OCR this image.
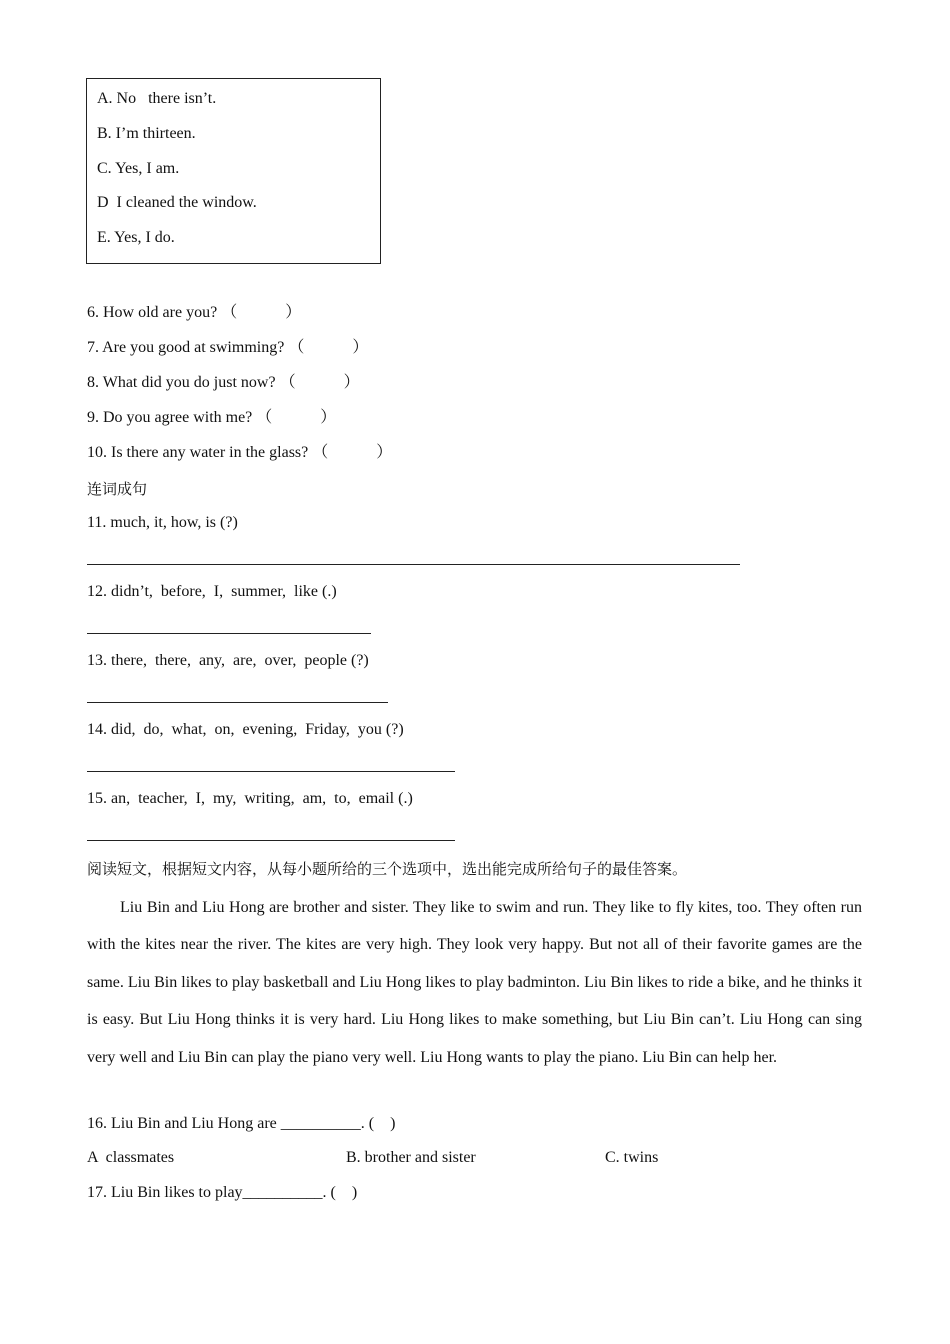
A. No   there isn’t.
B. I’m thirteen.
C. Yes, I am.
D  I cleaned the window.
E. Yes, I do.
6. How old are you? （            ）
7. Are you good at swimming? （            ）
8. What did you do just now? （            ）
9. Do you agree with me? （            ）
10. Is there any water in the glass? （            ）
连词成句
11. much, it, how, is (?)
12. didn’t,  before,  I,  summer,  like (.)
13. there,  there,  any,  are,  over,  people (?)
14. did,  do,  what,  on,  evening,  Friday,  you (?)
15. an,  teacher,  I,  my,  writing,  am,  to,  email (.)
阅读短文，根据短文内容，从每小题所给的三个选项中，选出能完成所给句子的最佳答案。
Liu Bin and Liu Hong are brother and sister. They like to swim and run. They like to fly kites, too. They often run with the kites near the river. The kites are very high. They look very happy. But not all of their favorite games are the same. Liu Bin likes to play basketball and Liu Hong likes to play badminton. Liu Bin likes to ride a bike, and he thinks it is easy. But Liu Hong thinks it is very hard. Liu Hong likes to make something, but Liu Bin can’t. Liu Hong can sing very well and Liu Bin can play the piano very well. Liu Hong wants to play the piano. Liu Bin can help her.
16. Liu Bin and Liu Hong are __________. (    )
A  classmates	B. brother and sister	C. twins
17. Liu Bin likes to play__________. (    )
